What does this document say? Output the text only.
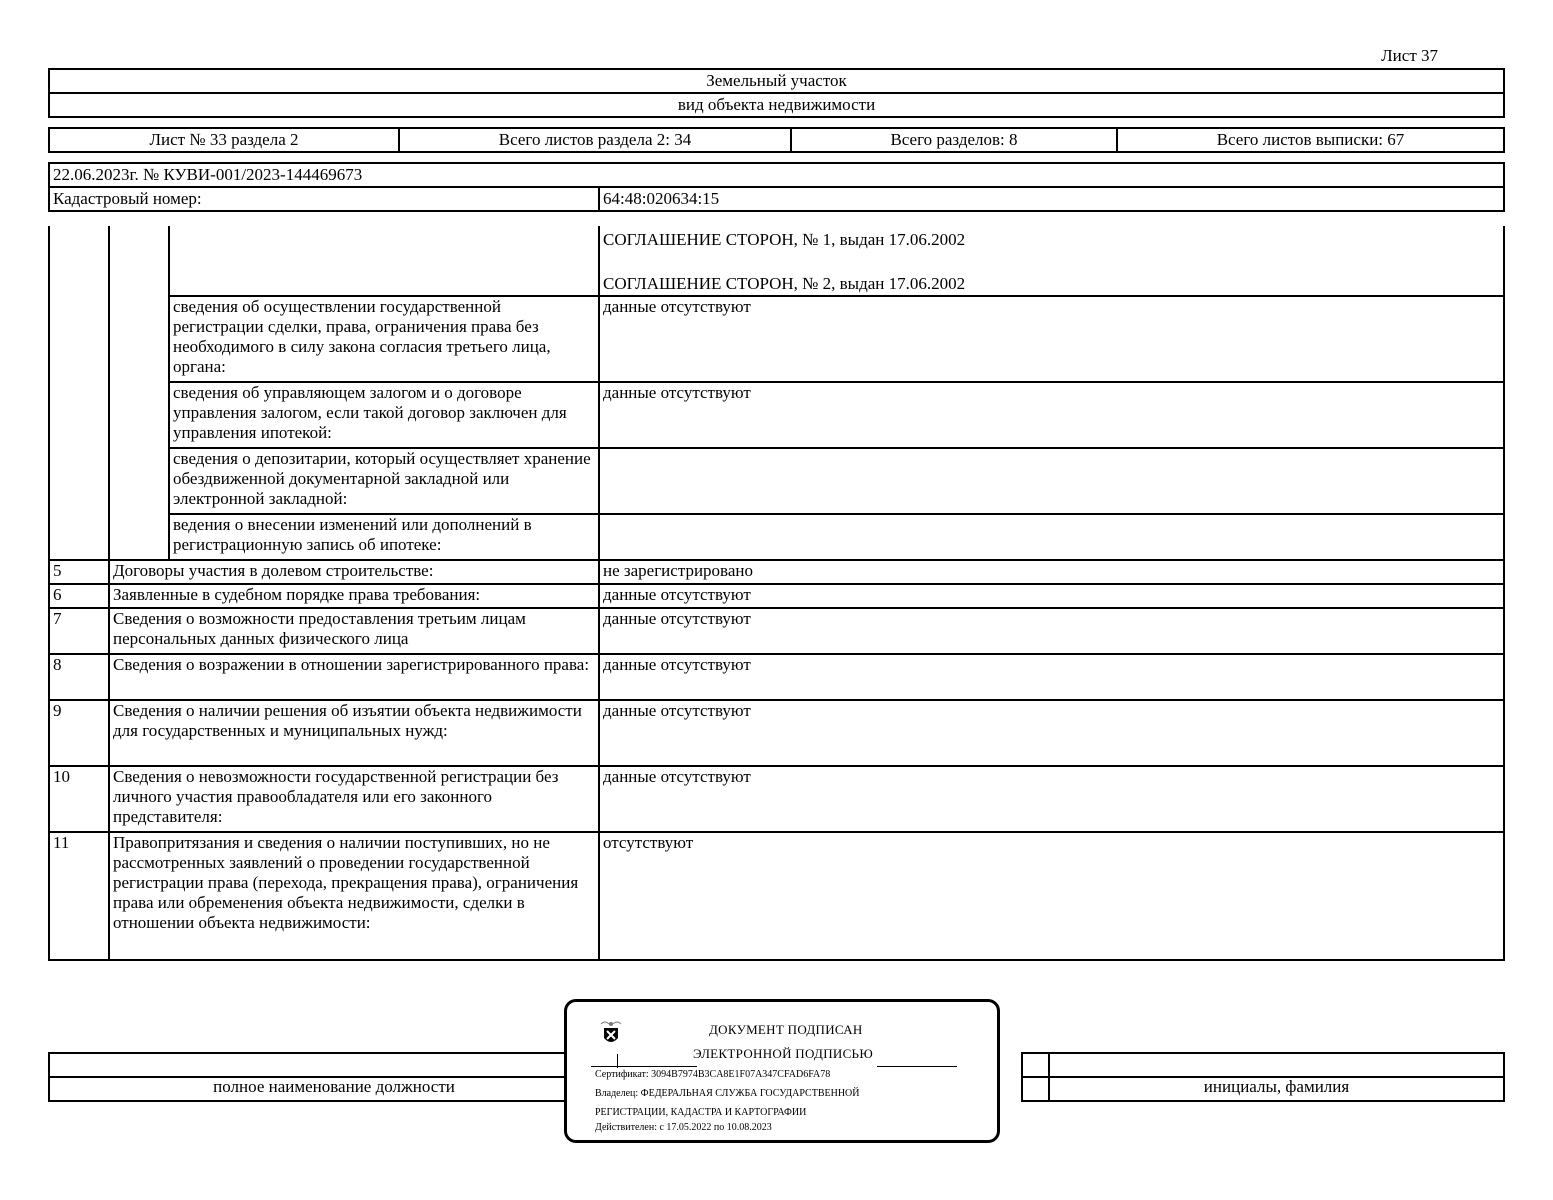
Лист 37
Земельный участок
вид объекта недвижимости
Лист № 33 раздела 2	Всего листов раздела 2: 34	Всего разделов: 8	Всего листов выписки: 67
22.06.2023г. № КУВИ-001/2023-144469673
Кадастровый номер:	64:48:020634:15

			СОГЛАШЕНИЕ СТОРОН, № 1, выдан 17.06.2002
СОГЛАШЕНИЕ СТОРОН, № 2, выдан 17.06.2002

		сведения об осуществлении государственной регистрации сделки, права, ограничения права без необходимого в силу закона согласия третьего лица, органа:	данные отсутствуют
		сведения об управляющем залогом и о договоре управления залогом, если такой договор заключен для управления ипотекой:	данные отсутствуют
		сведения о депозитарии, который осуществляет хранение обездвиженной документарной закладной или электронной закладной:	
		ведения о внесении изменений или дополнений в регистрационную запись об ипотеке:	
5	Договоры участия в долевом строительстве:		не зарегистрировано
6	Заявленные в судебном порядке права требования:		данные отсутствуют
7	Сведения о возможности предоставления третьим лицам персональных данных физического лица		данные отсутствуют
8	Сведения о возражении в отношении зарегистрированного права:		данные отсутствуют
9	Сведения о наличии решения об изъятии объекта недвижимости для государственных и муниципальных нужд:		данные отсутствуют
10	Сведения о невозможности государственной регистрации без личного участия правообладателя или его законного представителя:		данные отсутствуют
11	Правопритязания и сведения о наличии поступивших, но не рассмотренных заявлений о проведении государственной регистрации права (перехода, прекращения права), ограничения права или обременения объекта недвижимости, сделки в отношении объекта недвижимости:		отсутствуют

полное наименование должности			инициалы, фамилия
ДОКУМЕНТ ПОДПИСАН
ЭЛЕКТРОННОЙ ПОДПИСЬЮ
Сертификат: 3094B7974B3CA8E1F07A347CFAD6FA78
Владелец: ФЕДЕРАЛЬНАЯ СЛУЖБА ГОСУДАРСТВЕННОЙ
РЕГИСТРАЦИИ, КАДАСТРА И КАРТОГРАФИИ
Действителен: с 17.05.2022 по 10.08.2023
